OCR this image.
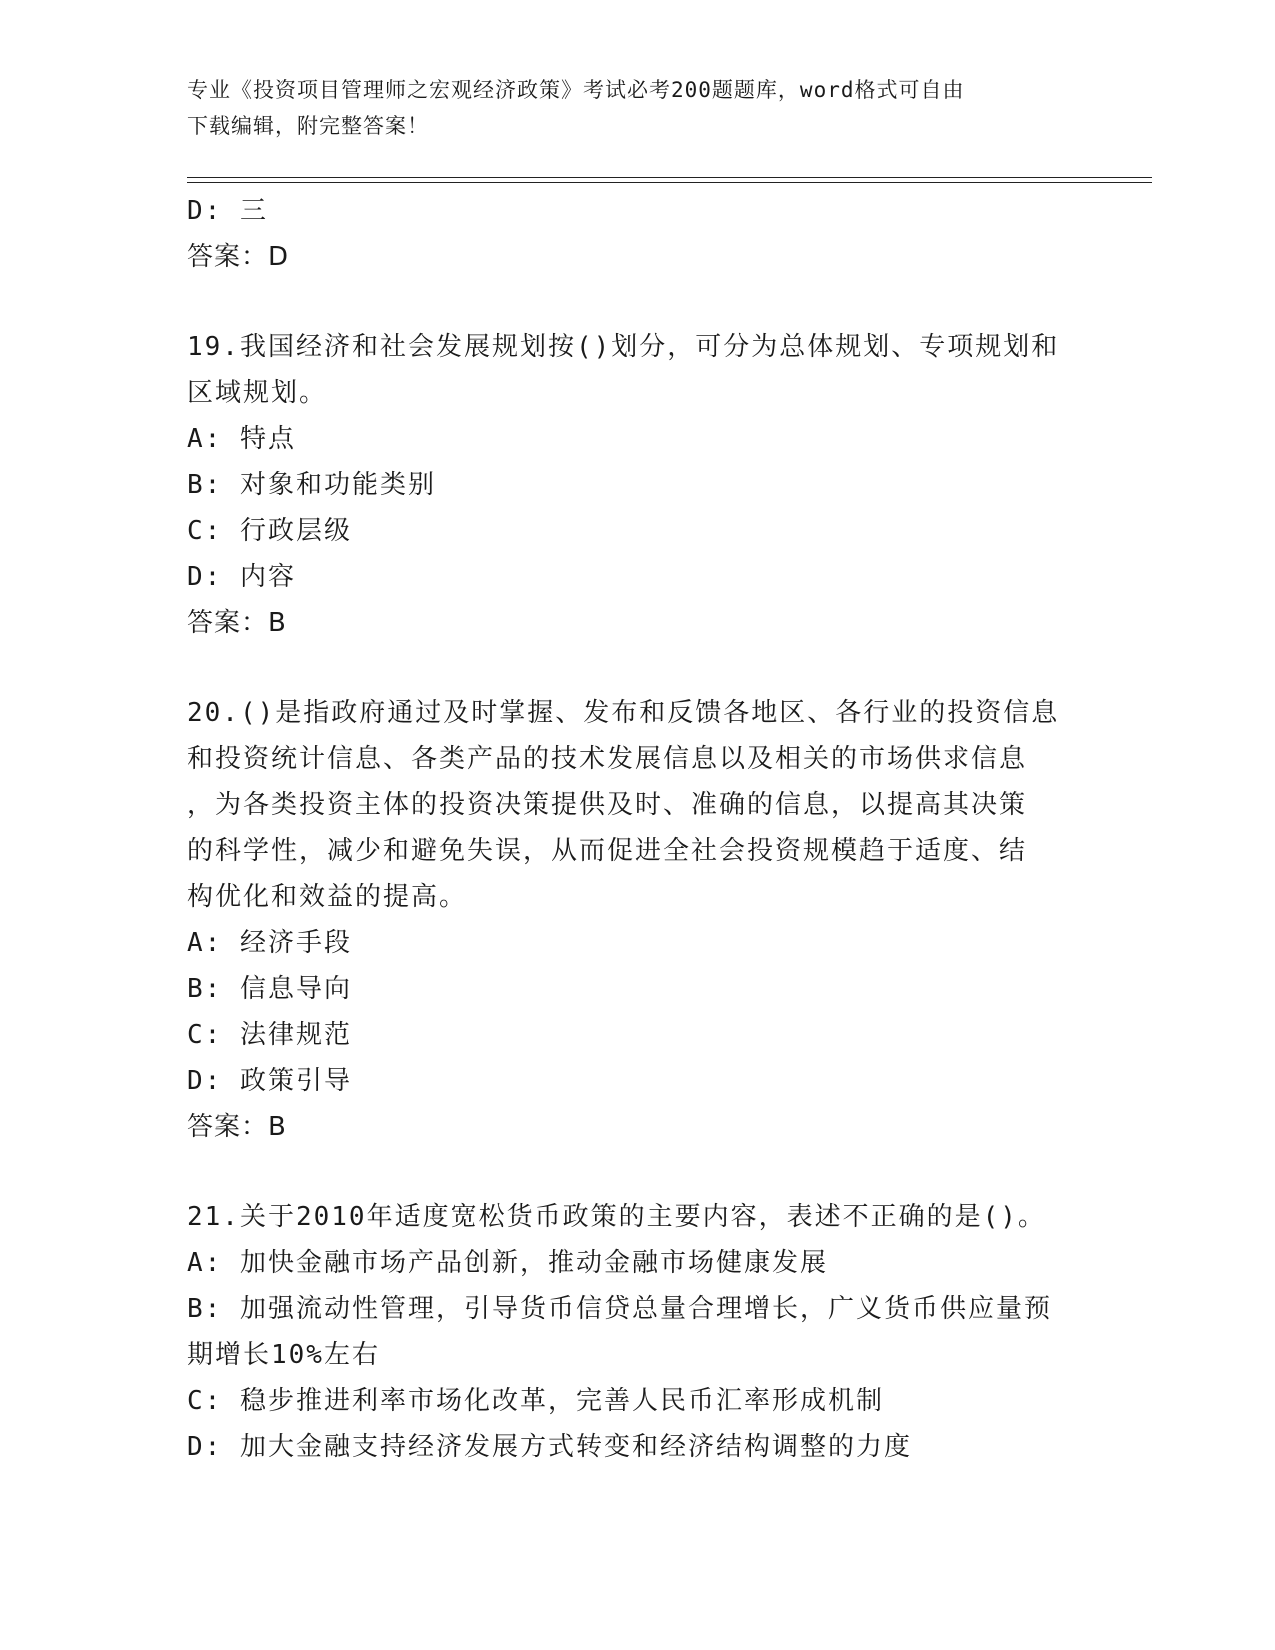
专业《投资项目管理师之宏观经济政策》考试必考200题题库，word格式可自由
下载编辑，附完整答案！
D: 三
答案：D
19.我国经济和社会发展规划按()划分，可分为总体规划、专项规划和
区域规划。
A: 特点
B: 对象和功能类别
C: 行政层级
D: 内容
答案：B
20.()是指政府通过及时掌握、发布和反馈各地区、各行业的投资信息
和投资统计信息、各类产品的技术发展信息以及相关的市场供求信息
，为各类投资主体的投资决策提供及时、准确的信息，以提高其决策
的科学性，减少和避免失误，从而促进全社会投资规模趋于适度、结
构优化和效益的提高。
A: 经济手段
B: 信息导向
C: 法律规范
D: 政策引导
答案：B
21.关于2010年适度宽松货币政策的主要内容，表述不正确的是()。
A: 加快金融市场产品创新，推动金融市场健康发展
B: 加强流动性管理，引导货币信贷总量合理增长，广义货币供应量预
期增长10%左右
C: 稳步推进利率市场化改革，完善人民币汇率形成机制
D: 加大金融支持经济发展方式转变和经济结构调整的力度
